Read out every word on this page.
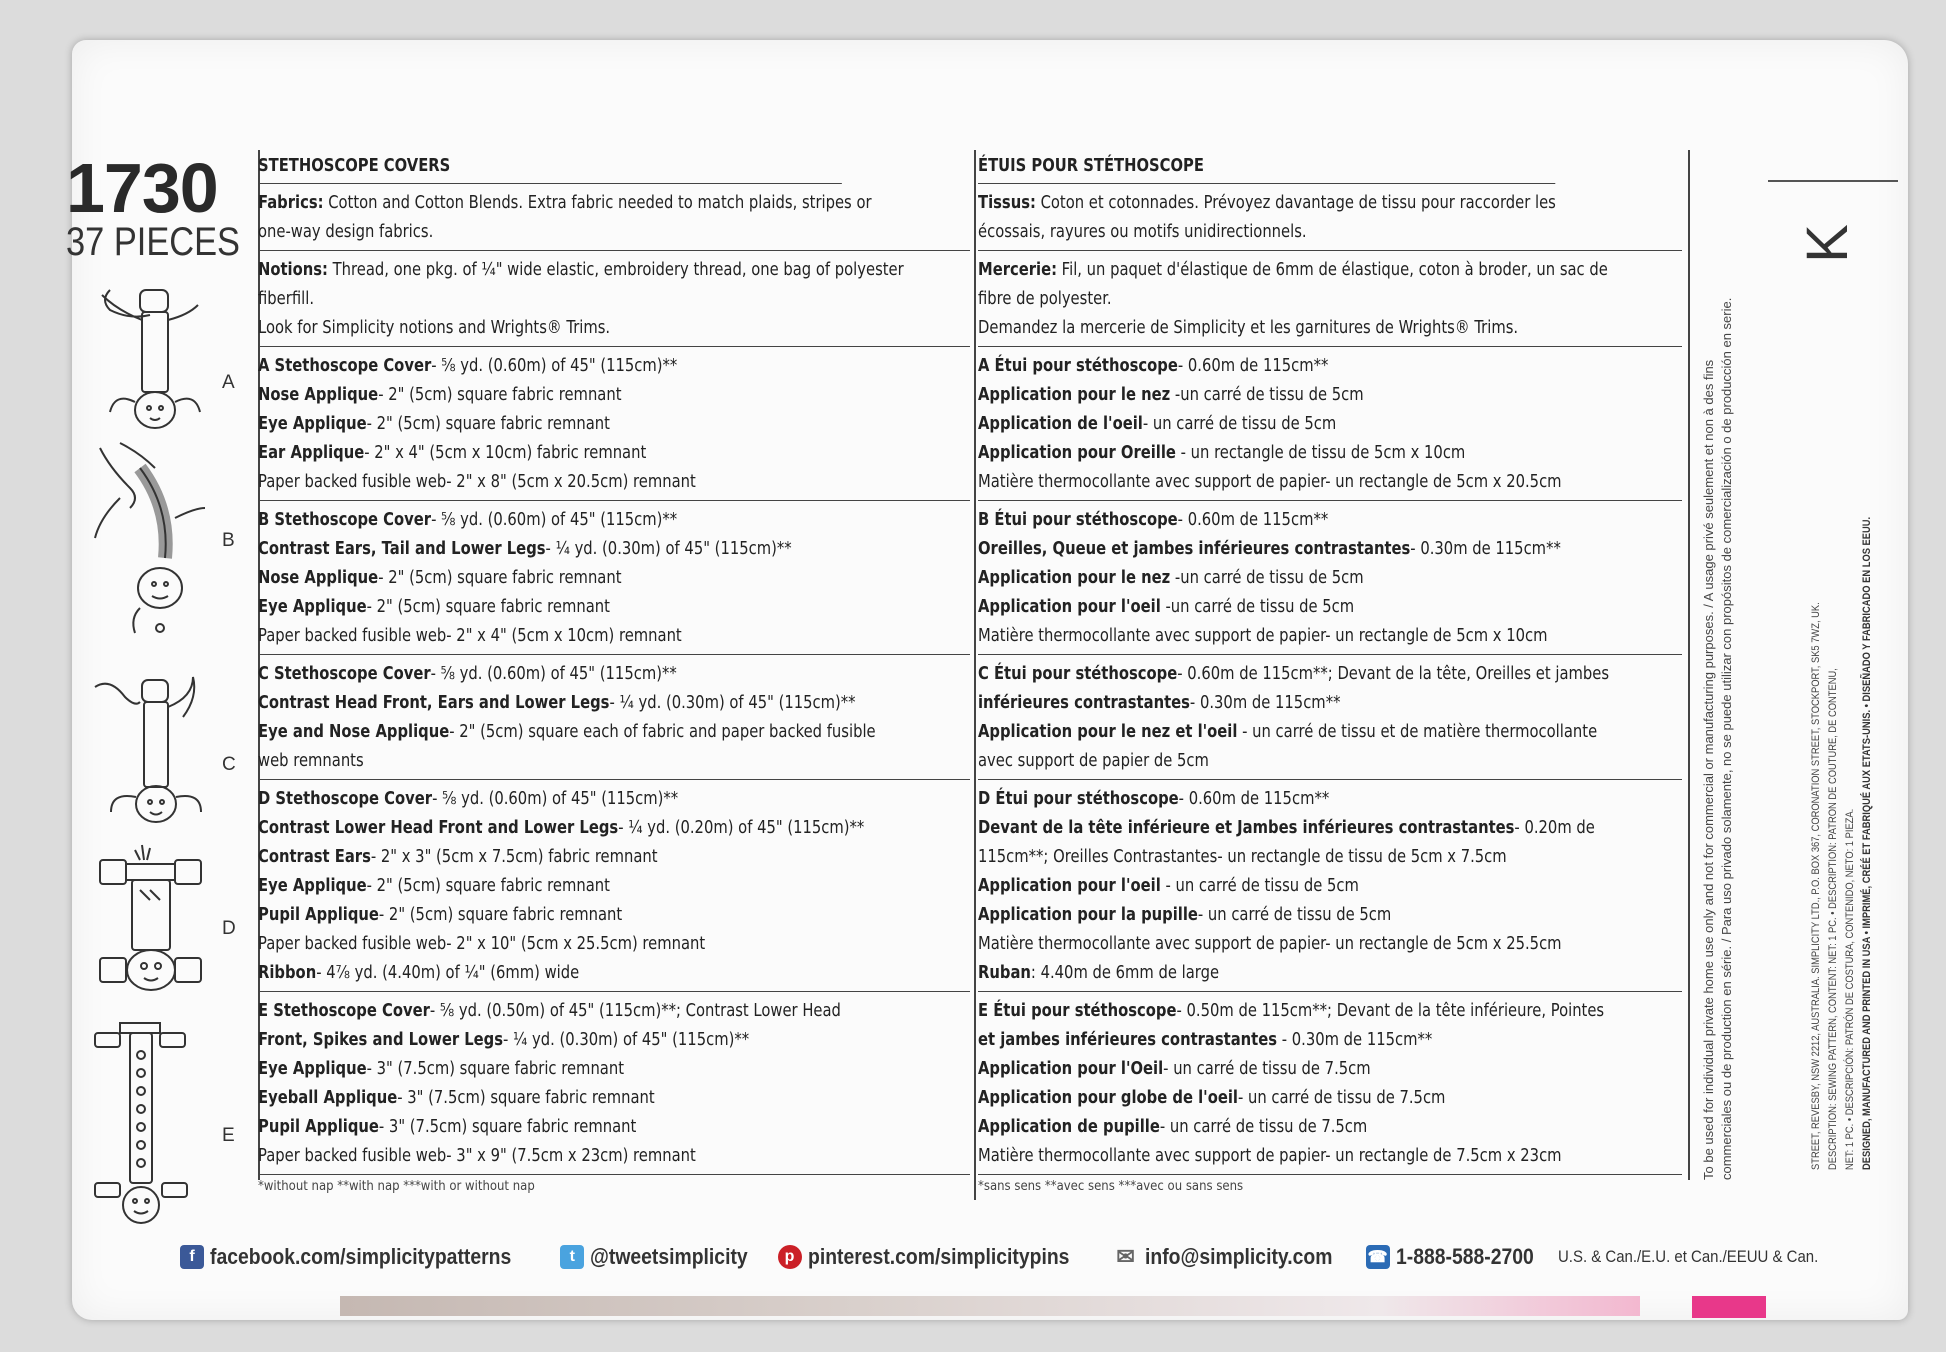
1730
37 PIECES
A
B
C
D
E
STETHOSCOPE COVERS
Fabrics: Cotton and Cotton Blends. Extra fabric needed to match plaids, stripes or
one-way design fabrics.
Notions: Thread, one pkg. of ¼" wide elastic, embroidery thread, one bag of polyester
fiberfill.
Look for Simplicity notions and Wrights® Trims.
A Stethoscope Cover- ⅝ yd. (0.60m) of 45" (115cm)**
Nose Applique- 2" (5cm) square fabric remnant
Eye Applique- 2" (5cm) square fabric remnant
Ear Applique- 2" x 4" (5cm x 10cm) fabric remnant
Paper backed fusible web- 2" x 8" (5cm x 20.5cm) remnant
B Stethoscope Cover- ⅝ yd. (0.60m) of 45" (115cm)**
Contrast Ears, Tail and Lower Legs- ¼ yd. (0.30m) of 45" (115cm)**
Nose Applique- 2" (5cm) square fabric remnant
Eye Applique- 2" (5cm) square fabric remnant
Paper backed fusible web- 2" x 4" (5cm x 10cm) remnant
C Stethoscope Cover- ⅝ yd. (0.60m) of 45" (115cm)**
Contrast Head Front, Ears and Lower Legs- ¼ yd. (0.30m) of 45" (115cm)**
Eye and Nose Applique- 2" (5cm) square each of fabric and paper backed fusible
web remnants
D Stethoscope Cover- ⅝ yd. (0.60m) of 45" (115cm)**
Contrast Lower Head Front and Lower Legs- ¼ yd. (0.20m) of 45" (115cm)**
Contrast Ears- 2" x 3" (5cm x 7.5cm) fabric remnant
Eye Applique- 2" (5cm) square fabric remnant
Pupil Applique- 2" (5cm) square fabric remnant
Paper backed fusible web- 2" x 10" (5cm x 25.5cm) remnant
Ribbon- 4⅞ yd. (4.40m) of ¼" (6mm) wide
E Stethoscope Cover- ⅝ yd. (0.50m) of 45" (115cm)**; Contrast Lower Head
Front, Spikes and Lower Legs- ¼ yd. (0.30m) of 45" (115cm)**
Eye Applique- 3" (7.5cm) square fabric remnant
Eyeball Applique- 3" (7.5cm) square fabric remnant
Pupil Applique- 3" (7.5cm) square fabric remnant
Paper backed fusible web- 3" x 9" (7.5cm x 23cm) remnant
*without nap **with nap ***with or without nap
ÉTUIS POUR STÉTHOSCOPE
Tissus: Coton et cotonnades. Prévoyez davantage de tissu pour raccorder les
écossais, rayures ou motifs unidirectionnels.
Mercerie: Fil, un paquet d'élastique de 6mm de élastique, coton à broder, un sac de
fibre de polyester.
Demandez la mercerie de Simplicity et les garnitures de Wrights® Trims.
A Étui pour stéthoscope- 0.60m de 115cm**
Application pour le nez -un carré de tissu de 5cm
Application de l'oeil- un carré de tissu de 5cm
Application pour Oreille - un rectangle de tissu de 5cm x 10cm
Matière thermocollante avec support de papier- un rectangle de 5cm x 20.5cm
B Étui pour stéthoscope- 0.60m de 115cm**
Oreilles, Queue et jambes inférieures contrastantes- 0.30m de 115cm**
Application pour le nez -un carré de tissu de 5cm
Application pour l'oeil -un carré de tissu de 5cm
Matière thermocollante avec support de papier- un rectangle de 5cm x 10cm
C Étui pour stéthoscope- 0.60m de 115cm**; Devant de la tête, Oreilles et jambes
inférieures contrastantes- 0.30m de 115cm**
Application pour le nez et l'oeil - un carré de tissu et de matière thermocollante
avec support de papier de 5cm
D Étui pour stéthoscope- 0.60m de 115cm**
Devant de la tête inférieure et Jambes inférieures contrastantes- 0.20m de
115cm**; Oreilles Contrastantes- un rectangle de tissu de 5cm x 7.5cm
Application pour l'oeil - un carré de tissu de 5cm
Application pour la pupille- un carré de tissu de 5cm
Matière thermocollante avec support de papier- un rectangle de 5cm x 25.5cm
Ruban: 4.40m de 6mm de large
E Étui pour stéthoscope- 0.50m de 115cm**; Devant de la tête inférieure, Pointes
et jambes inférieures contrastantes - 0.30m de 115cm**
Application pour l'Oeil- un carré de tissu de 7.5cm
Application pour globe de l'oeil- un carré de tissu de 7.5cm
Application de pupille- un carré de tissu de 7.5cm
Matière thermocollante avec support de papier- un rectangle de 7.5cm x 23cm
*sans sens **avec sens ***avec ou sans sens
To be used for individual private home use only and not for commercial or manufacturing purposes. / A usage privé seulement et non à des fins commerciales ou de production en série. / Para uso privado solamente, no se puede utilizar con propósitos de comercialización o de producción en serie.
K
STREET, REVESBY, NSW 2212, AUSTRALIA. SIMPLICITY LTD., P.O. BOX 367, CORONATION STREET, STOCKPORT, SK5 7WZ, UK. DESCRIPTION: SEWING PATTERN, CONTENT: NET: 1 PC. • DESCRIPTION: PATRON DE COUTURE, DE CONTENU, NET: 1 PC. • DESCRIPCIÓN: PATRÓN DE COSTURA, CONTENIDO, NETO: 1 PIEZA. DESIGNED, MANUFACTURED AND PRINTED IN USA • IMPRIMÉ, CRÉÉ ET FABRIQUÉ AUX ETATS-UNIS. • DISEÑADO Y FABRICADO EN LOS EEUU.
f facebook.com/simplicitypatterns	t @tweetsimplicity	p pinterest.com/simplicitypins ✉ info@simplicity.com ☎ 1-888-588-2700 U.S. & Can./E.U. et Can./EEUU & Can.
